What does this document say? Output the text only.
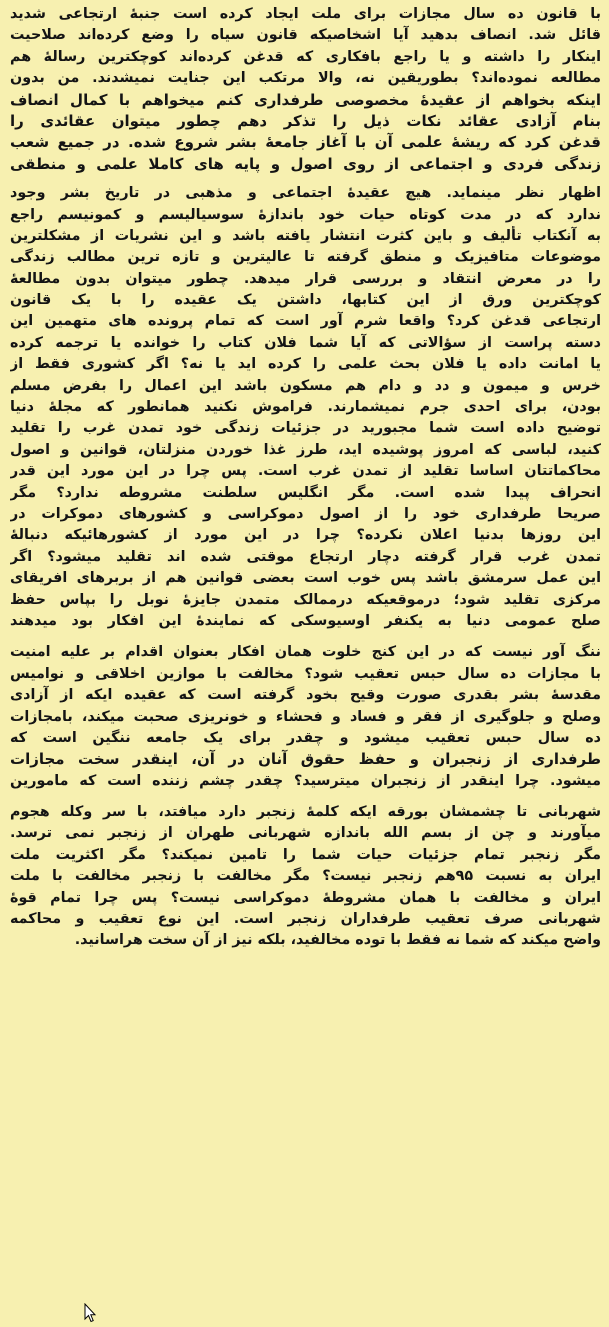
با قانون ده سال مجازات برای ملت ایجاد کرده است جنبهٔ ارتجاعی شدید
قائل شد. انصاف بدهید آیا اشخاصیکه قانون سیاه را وضع کرده‌اند صلاحیت
اینکار را داشته و یا راجع بافکاری که قدغن کرده‌اند کوچکترین رسالهٔ هم
مطالعه نموده‌اند؟ بطوریقین نه، والا مرتکب این جنایت نمیشدند. من بدون
اینکه بخواهم از عقیدهٔ مخصوصی طرفداری کنم میخواهم با کمال انصاف
بنام آزادی عقائد نکات ذیل را تذکر دهم چطور میتوان عقائدی را
قدغن کرد که ریشهٔ علمی آن با آغاز جامعهٔ بشر شروع شده. در جمیع شعب
زندگی فردی و اجتماعی از روی اصول و پایه های کاملا علمی و منطقی
اظهار نظر مینماید. هیچ عقیدهٔ اجتماعی و مذهبی در تاریخ بشر وجود
ندارد که در مدت کوتاه حیات خود باندازهٔ سوسیالیسم و کمونیسم راجع
به آنکتاب تألیف و باین کثرت انتشار یافته باشد و این نشریات از مشکلترین
موضوعات متافیزیک و منطق گرفته تا عالیترین و تازه ترین مطالب زندگی
را در معرض انتقاد و بررسی قرار میدهد. چطور میتوان بدون مطالعهٔ
کوچکترین ورق از این کتابها، داشتن یک عقیده را با یک قانون
ارتجاعی قدغن کرد؟ واقعا شرم آور است که تمام پرونده های متهمین این
دسته پراست از سؤالاتی که آیا شما فلان کتاب را خوانده یا ترجمه کرده
یا امانت داده یا فلان بحث علمی را کرده اید یا نه؟ اگر کشوری فقط از
خرس و میمون و دد و دام هم مسکون باشد این اعمال را بفرض مسلم
بودن، برای احدی جرم نمیشمارند. فراموش نکنید همانطور که مجلهٔ دنیا
توضیح داده است شما مجبورید در جزئیات زندگی خود تمدن غرب را تقلید
کنید، لباسی که امروز پوشیده اید، طرز غذا خوردن منزلتان، قوانین و اصول
محاکماتتان اساسا تقلید از تمدن غرب است. پس چرا در این مورد این قدر
انحراف پیدا شده است. مگر انگلیس سلطنت مشروطه ندارد؟ مگر
صریحا طرفداری خود را از اصول دموکراسی و کشورهای دموکرات در
این روزها بدنیا اعلان نکرده؟ چرا در این مورد از کشورهائیکه دنبالهٔ
تمدن غرب قرار گرفته دچار ارتجاع موقتی شده اند تقلید میشود؟ اگر
این عمل سرمشق باشد پس خوب است بعضی قوانین هم از بربرهای افریقای
مرکزی تقلید شود؛ درموقعیکه درممالک متمدن جایزهٔ نوبل را بپاس حفظ
صلح عمومی دنیا به یکنفر اوسیوسکی که نمایندهٔ این افکار بود میدهند
ننگ آور نیست که در این کنج خلوت همان افکار بعنوان اقدام بر علیه امنیت
با مجازات ده سال حبس تعقیب شود؟ مخالفت با موازین اخلاقی و نوامیس
مقدسهٔ بشر بقدری صورت وقیح بخود گرفته است که عقیده ایکه از آزادی
وصلح و جلوگیری از فقر و فساد و فحشاء و خونریزی صحبت میکند، بامجازات
ده سال حبس تعقیب میشود و چقدر برای یک جامعه ننگین است که
طرفداری از زنجبران و حفظ حقوق آنان در آن، اینقدر سخت مجازات
میشود. چرا اینقدر از زنجبران میترسید؟ چقدر چشم زننده است که مامورین
شهربانی تا چشمشان بورقه ایکه کلمهٔ زنجبر دارد میافتد، با سر وکله هجوم
میآورند و چن از بسم الله باندازه شهربانی طهران از زنجبر نمی ترسد.
مگر زنجبر تمام جزئیات حیات شما را تامین نمیکند؟ مگر اکثریت ملت
ایران به نسبت ۹۵هم زنجبر نیست؟ مگر مخالفت با زنجبر مخالفت با ملت
ایران و مخالفت با همان مشروطهٔ دموکراسی نیست؟ پس چرا تمام قوهٔ
شهربانی صرف تعقیب طرفداران زنجبر است. این نوع تعقیب و محاکمه
واضح میکند که شما نه فقط با توده مخالفید، بلکه نیز از آن سخت هراسانید.
